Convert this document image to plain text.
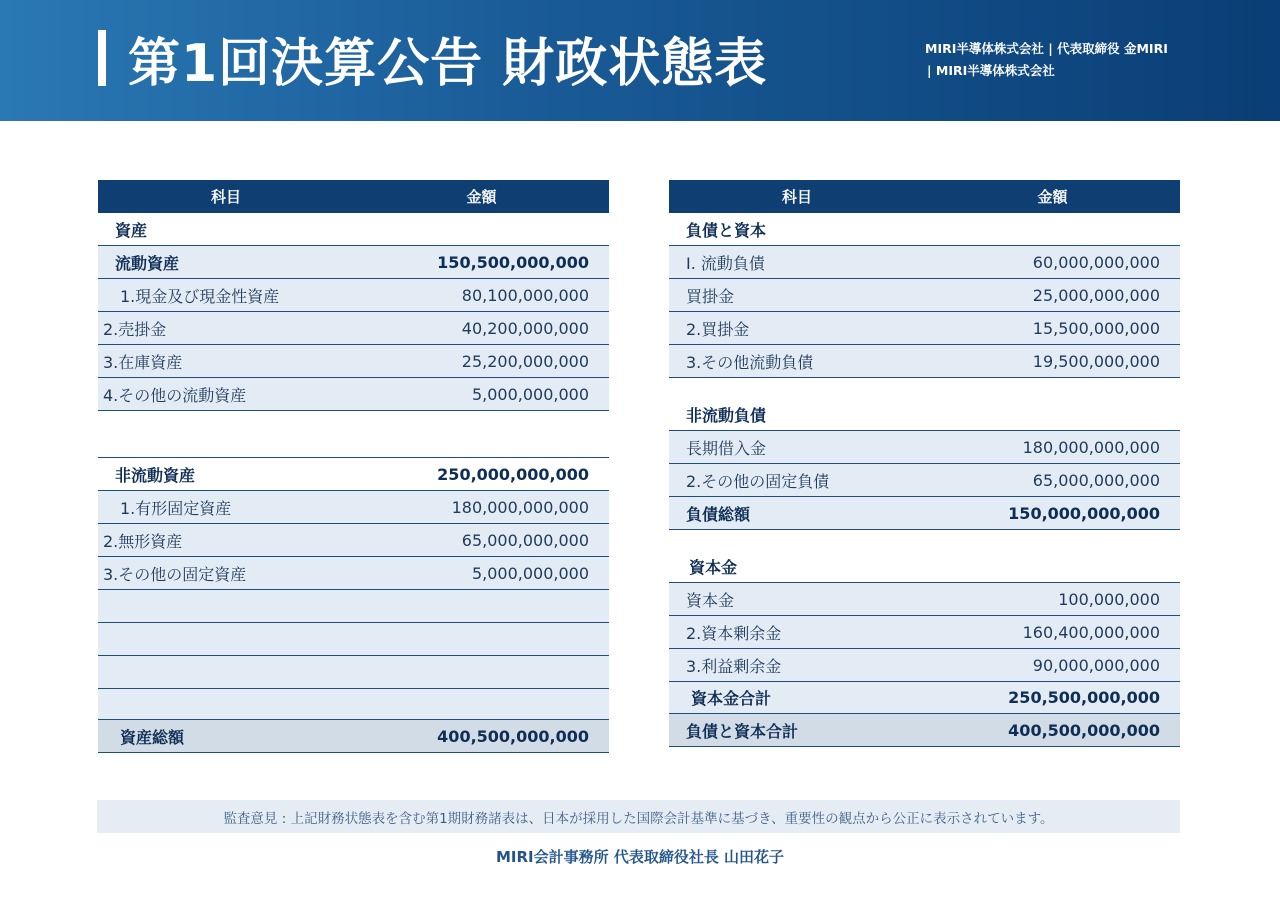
第1回決算公告 財政状態表	MIRI半導体株式会社 | 代表取締役 金MIRI
| MIRI半導体株式会社
科目	金額
資産
流動資産	150,500,000,000
1.現金及び現金性資産	80,100,000,000
2.売掛金	40,200,000,000
3.在庫資産	25,200,000,000
4.その他の流動資産	5,000,000,000
非流動資産	250,000,000,000
1.有形固定資産	180,000,000,000
2.無形資産	65,000,000,000
3.その他の固定資産	5,000,000,000
資産総額	400,500,000,000
科目	金額
負債と資本
I. 流動負債	60,000,000,000
買掛金	25,000,000,000
2.買掛金	15,500,000,000
3.その他流動負債	19,500,000,000
非流動負債
長期借入金	180,000,000,000
2.その他の固定負債	65,000,000,000
負債総額	150,000,000,000
資本金
資本金	100,000,000
2.資本剰余金	160,400,000,000
3.利益剰余金	90,000,000,000
資本金合計	250,500,000,000
負債と資本合計	400,500,000,000
監査意見 : 上記財務状態表を含む第1期財務諸表は、日本が採用した国際会計基準に基づき、重要性の観点から公正に表示されています。
MIRI会計事務所 代表取締役社長 山田花子
